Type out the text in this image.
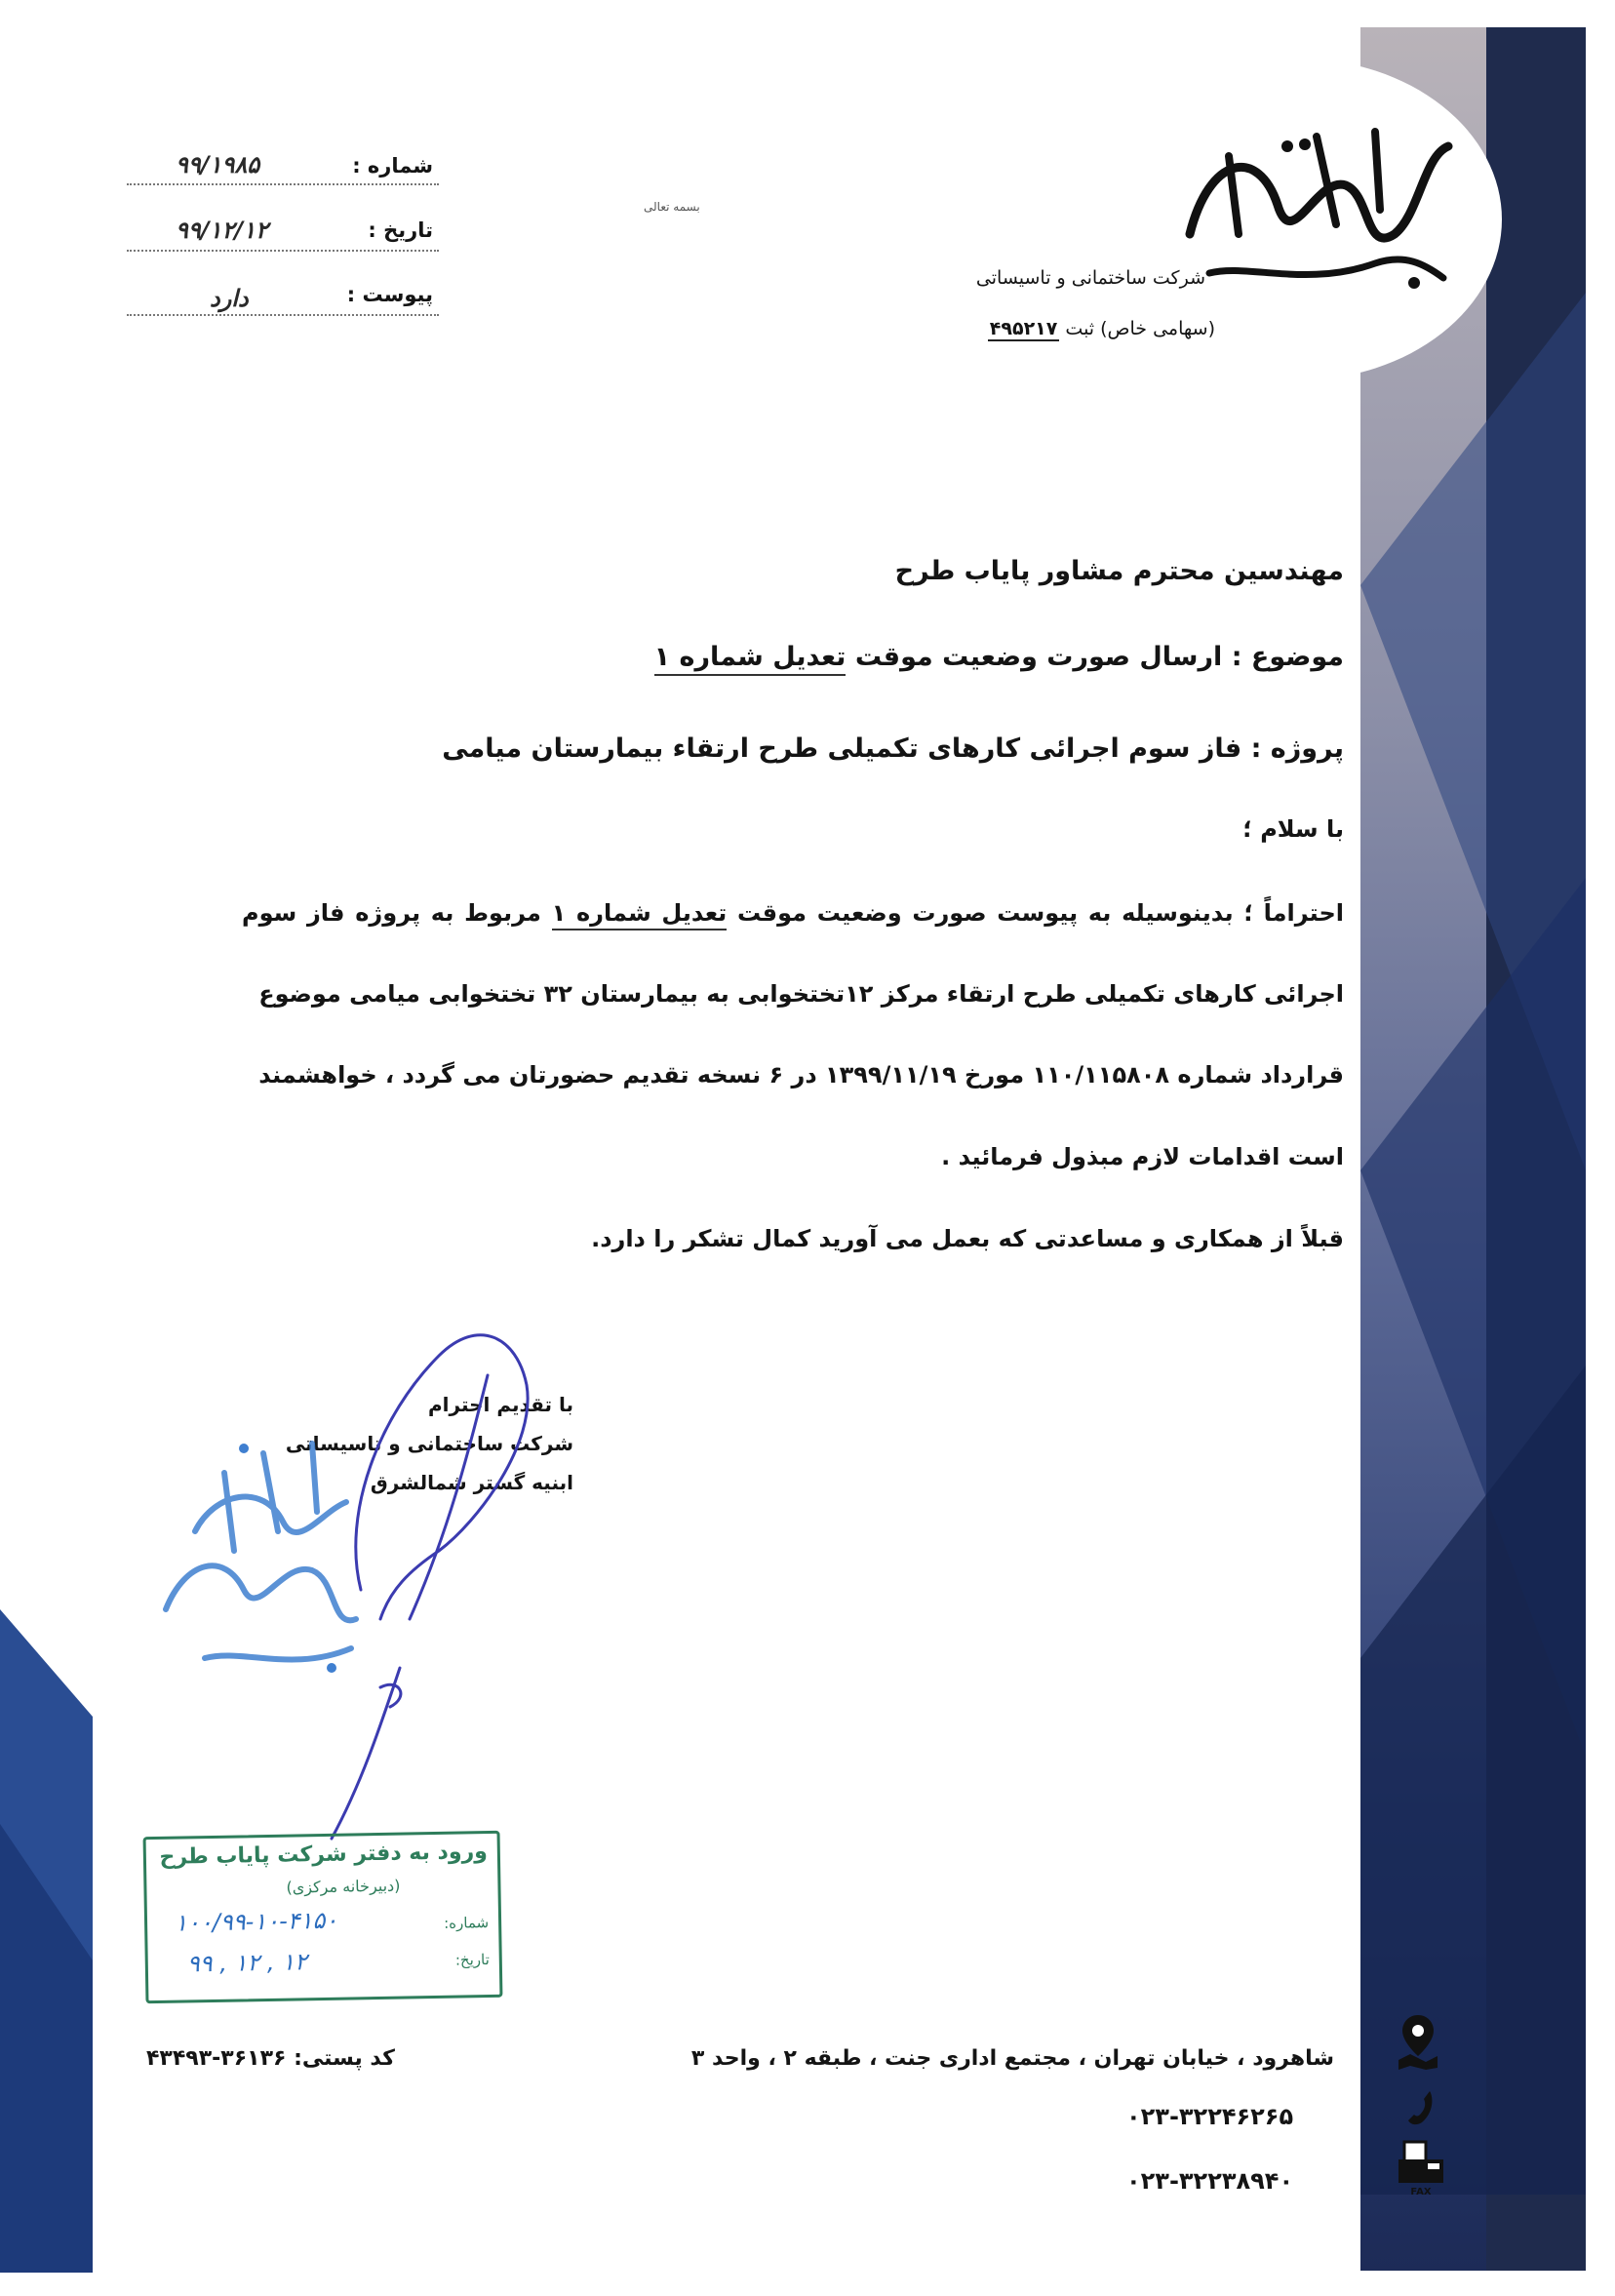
شرکت ساختمانی و تاسیساتی
(سهامی خاص) ثبت ۴۹۵۲۱۷
بسمه تعالی
شماره :
۹۹/۱۹۸۵
تاریخ :
۹۹/۱۲/۱۲
پیوست :
دارد
مهندسین محترم مشاور پایاب طرح
موضوع : ارسال صورت وضعیت موقت تعدیل شماره ۱
پروژه : فاز سوم اجرائی کارهای تکمیلی طرح ارتقاء بیمارستان میامی
با سلام ؛
احتراماً ؛ بدینوسیله به پیوست صورت وضعیت موقت تعدیل شماره ۱ مربوط به پروژه فاز سوم
اجرائی کارهای تکمیلی طرح ارتقاء مرکز ۱۲تختخوابی به بیمارستان ۳۲ تختخوابی میامی موضوع
قرارداد شماره ۱۱۰/۱۱۵۸۰۸ مورخ ۱۳۹۹/۱۱/۱۹ در ۶ نسخه تقدیم حضورتان می گردد ، خواهشمند
است اقدامات لازم مبذول فرمائید .
قبلاً از همکاری و مساعدتی که بعمل می آورید کمال تشکر را دارد.
با تقدیم احترام
شرکت ساختمانی و تاسیساتی
ابنیه گستر شمالشرق
ورود به دفتر شرکت پایاب طرح
(دبیرخانه مرکزی)
شماره:
۱۰۰/۹۹-۱۰-۴۱۵۰
تاریخ:
۹۹ , ۱۲ , ۱۲
شاهرود ، خیابان تهران ، مجتمع اداری جنت ، طبقه ۲ ، واحد ۳
کد پستی: ۳۶۱۳۶-۴۳۴۹۳
۰۲۳-۳۲۲۴۶۲۶۵
۰۲۳-۳۲۲۳۸۹۴۰	FAX
